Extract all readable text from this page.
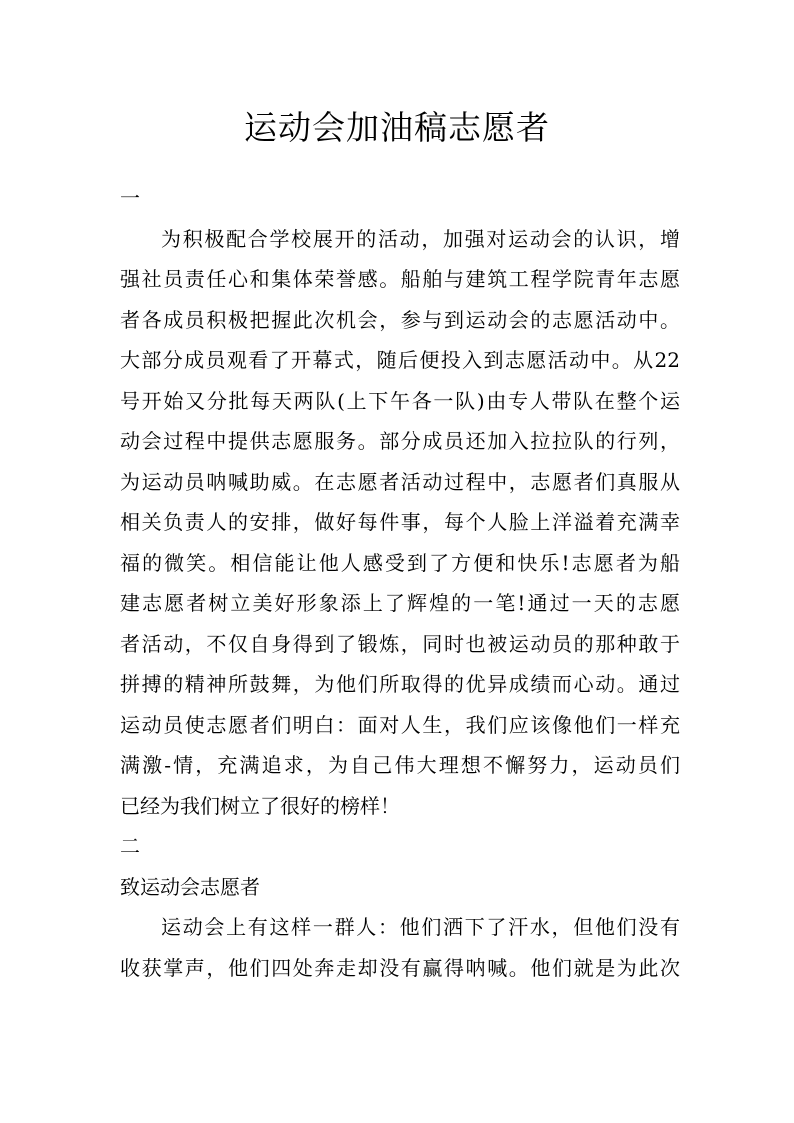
运动会加油稿志愿者
一
为积极配合学校展开的活动，加强对运动会的认识，增
强社员责任心和集体荣誉感。船舶与建筑工程学院青年志愿
者各成员积极把握此次机会，参与到运动会的志愿活动中。
大部分成员观看了开幕式，随后便投入到志愿活动中。从22
号开始又分批每天两队(上下午各一队)由专人带队在整个运
动会过程中提供志愿服务。部分成员还加入拉拉队的行列，
为运动员呐喊助威。在志愿者活动过程中，志愿者们真服从
相关负责人的安排，做好每件事，每个人脸上洋溢着充满幸
福的微笑。相信能让他人感受到了方便和快乐!志愿者为船
建志愿者树立美好形象添上了辉煌的一笔!通过一天的志愿
者活动，不仅自身得到了锻炼，同时也被运动员的那种敢于
拼搏的精神所鼓舞，为他们所取得的优异成绩而心动。通过
运动员使志愿者们明白：面对人生，我们应该像他们一样充
满激-情，充满追求，为自己伟大理想不懈努力，运动员们
已经为我们树立了很好的榜样！
二
致运动会志愿者
运动会上有这样一群人：他们洒下了汗水，但他们没有
收获掌声，他们四处奔走却没有赢得呐喊。他们就是为此次
